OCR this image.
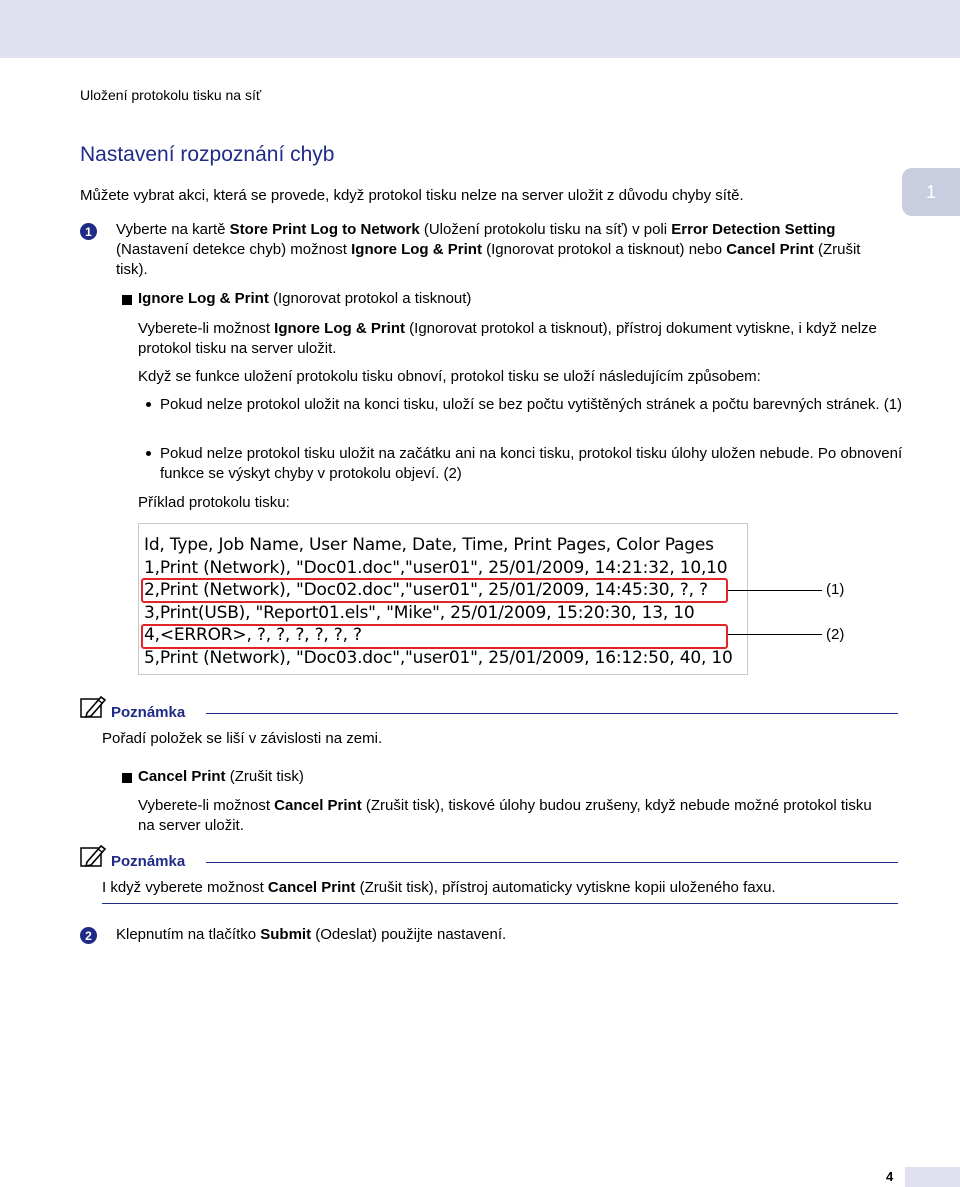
Uložení protokolu tisku na síť
Nastavení rozpoznání chyb
Můžete vybrat akci, která se provede, když protokol tisku nelze na server uložit z důvodu chyby sítě.	1
1 Vyberte na kartě Store Print Log to Network (Uložení protokolu tisku na síť) v poli Error Detection Setting (Nastavení detekce chyb) možnost Ignore Log & Print (Ignorovat protokol a tisknout) nebo Cancel Print (Zrušit tisk).
Ignore Log & Print (Ignorovat protokol a tisknout)
Vyberete-li možnost Ignore Log & Print (Ignorovat protokol a tisknout), přístroj dokument vytiskne, i když nelze protokol tisku na server uložit.
Když se funkce uložení protokolu tisku obnoví, protokol tisku se uloží následujícím způsobem:
Pokud nelze protokol uložit na konci tisku, uloží se bez počtu vytištěných stránek a počtu barevných stránek. (1)
Pokud nelze protokol tisku uložit na začátku ani na konci tisku, protokol tisku úlohy uložen nebude. Po obnovení funkce se výskyt chyby v protokolu objeví. (2)
Příklad protokolu tisku:
Id, Type, Job Name, User Name, Date, Time, Print Pages, Color Pages
1,Print (Network), "Doc01.doc","user01", 25/01/2009, 14:21:32, 10,10
2,Print (Network), "Doc02.doc","user01", 25/01/2009, 14:45:30, ?, ?
3,Print(USB), "Report01.els", "Mike", 25/01/2009, 15:20:30, 13, 10
4,<ERROR>, ?, ?, ?, ?, ?, ?
5,Print (Network), "Doc03.doc","user01", 25/01/2009, 16:12:50, 40, 10
(1)
(2)
Poznámka
Pořadí položek se liší v závislosti na zemi.
Cancel Print (Zrušit tisk)
Vyberete-li možnost Cancel Print (Zrušit tisk), tiskové úlohy budou zrušeny, když nebude možné protokol tisku na server uložit.
Poznámka
I když vyberete možnost Cancel Print (Zrušit tisk), přístroj automaticky vytiskne kopii uloženého faxu.
2 Klepnutím na tlačítko Submit (Odeslat) použijte nastavení.
4
